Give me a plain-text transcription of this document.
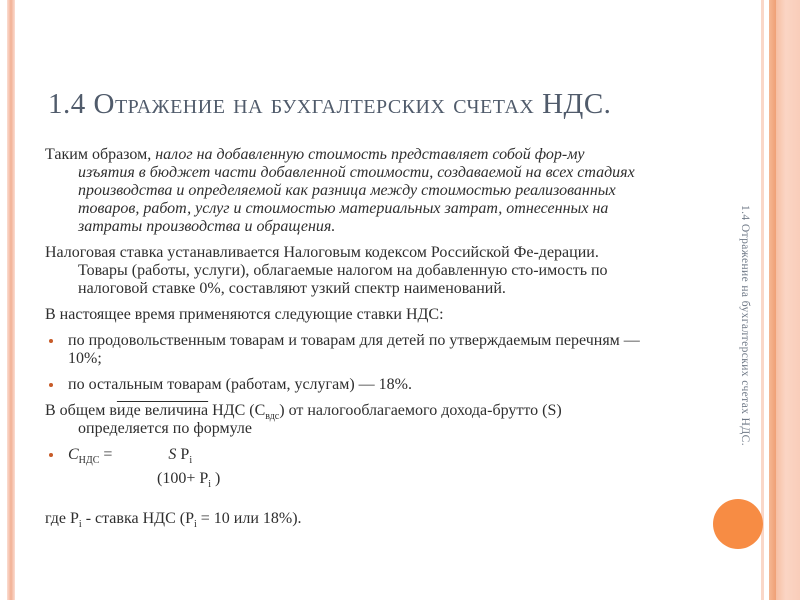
1.4 Отражение на бухгалтерских счетах НДС.
Таким образом, налог на добавленную стоимость представляет собой фор-му изъятия в бюджет части добавленной стоимости, создаваемой на всех стадиях производства и определяемой как разница между стоимостью реализованных товаров, работ, услуг и стоимостью материальных затрат, отнесенных на затраты производства и обращения.
Налоговая ставка устанавливается Налоговым кодексом Российской Фе-дерации. Товары (работы, услуги), облагаемые налогом на добавленную сто-имость по налоговой ставке 0%, составляют узкий спектр наименований.
В настоящее время применяются следующие ставки НДС:
по продовольственным товарам и товарам для детей по утверждаемым перечням — 10%;
по остальным товарам (работам, услугам) — 18%.
В общем виде величина НДС $(С_{вдс})$ от налогооблагаемого дохода-брутто (S) определяется по формуле
$С_{НДС}$ =	S $P_i$
($100+ P_i$ )
где $P_i$ - ставка НДС ($P_i = 10$ или 18%).
1.4 Отражение на бухгалтерских счетах НДС.
